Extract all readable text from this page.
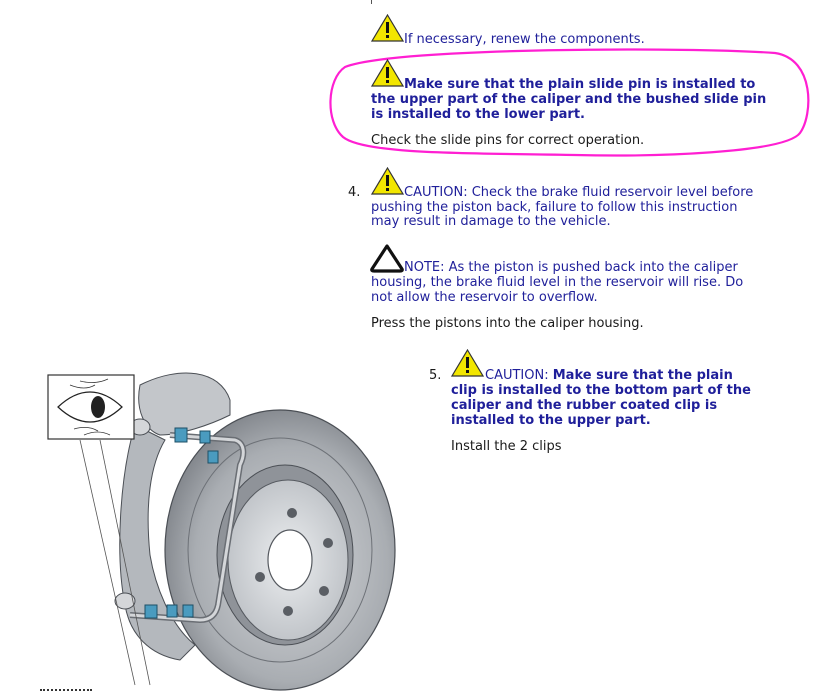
If necessary, renew the components.
Make sure that the plain slide pin is installed to
the upper part of the caliper and the bushed slide pin
is installed to the lower part.
Check the slide pins for correct operation.
4.	CAUTION: Check the brake fluid reservoir level before
pushing the piston back, failure to follow this instruction
may result in damage to the vehicle.
NOTE: As the piston is pushed back into the caliper
housing, the brake fluid level in the reservoir will rise. Do
not allow the reservoir to overflow.
Press the pistons into the caliper housing.
5.	CAUTION: Make sure that the plain
clip is installed to the bottom part of the
caliper and the rubber coated clip is
installed to the upper part.
Install the 2 clips
